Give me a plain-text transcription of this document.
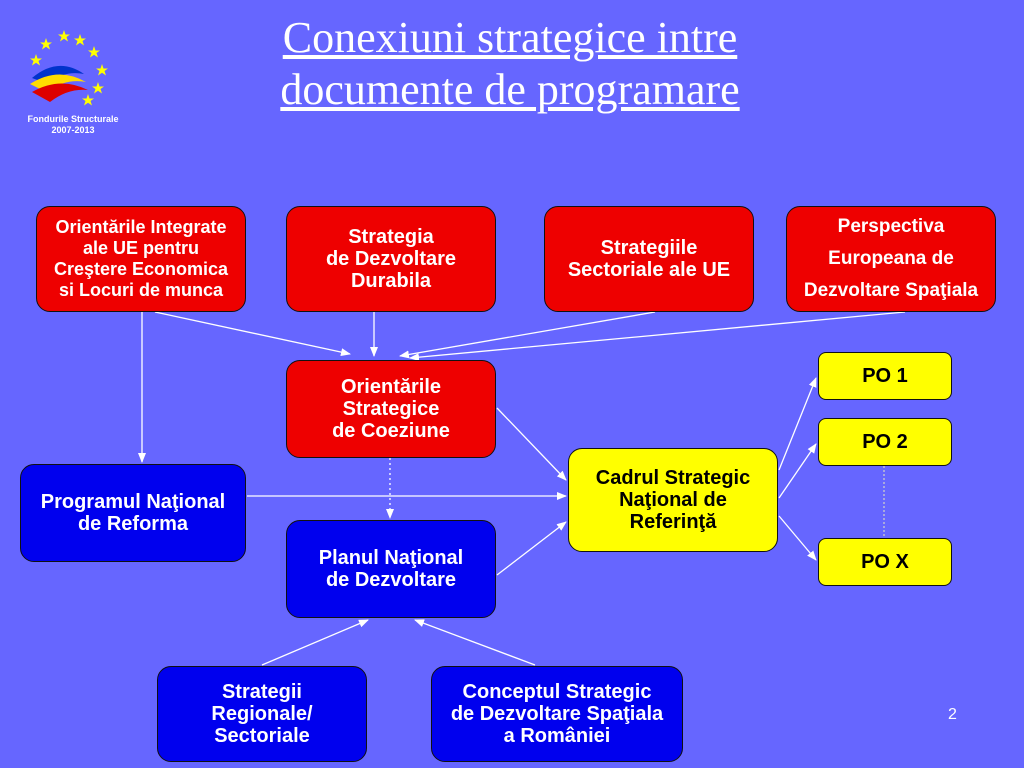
Conexiuni strategice intre
documente de programare
Fondurile Structurale
2007-2013
Orientările Integrate
ale UE pentru
Creştere Economica
si Locuri de munca
Strategia
de Dezvoltare
Durabila
Strategiile
Sectoriale ale UE
Perspectiva
Europeana de
Dezvoltare Spaţiala
Orientările
Strategice
de Coeziune
Programul Naţional
de Reforma
Planul Naţional
de Dezvoltare
Cadrul Strategic
Naţional de
Referinţă
PO 1
PO 2
PO X
Strategii
Regionale/
Sectoriale
Conceptul Strategic
de Dezvoltare Spaţiala
a României
2
